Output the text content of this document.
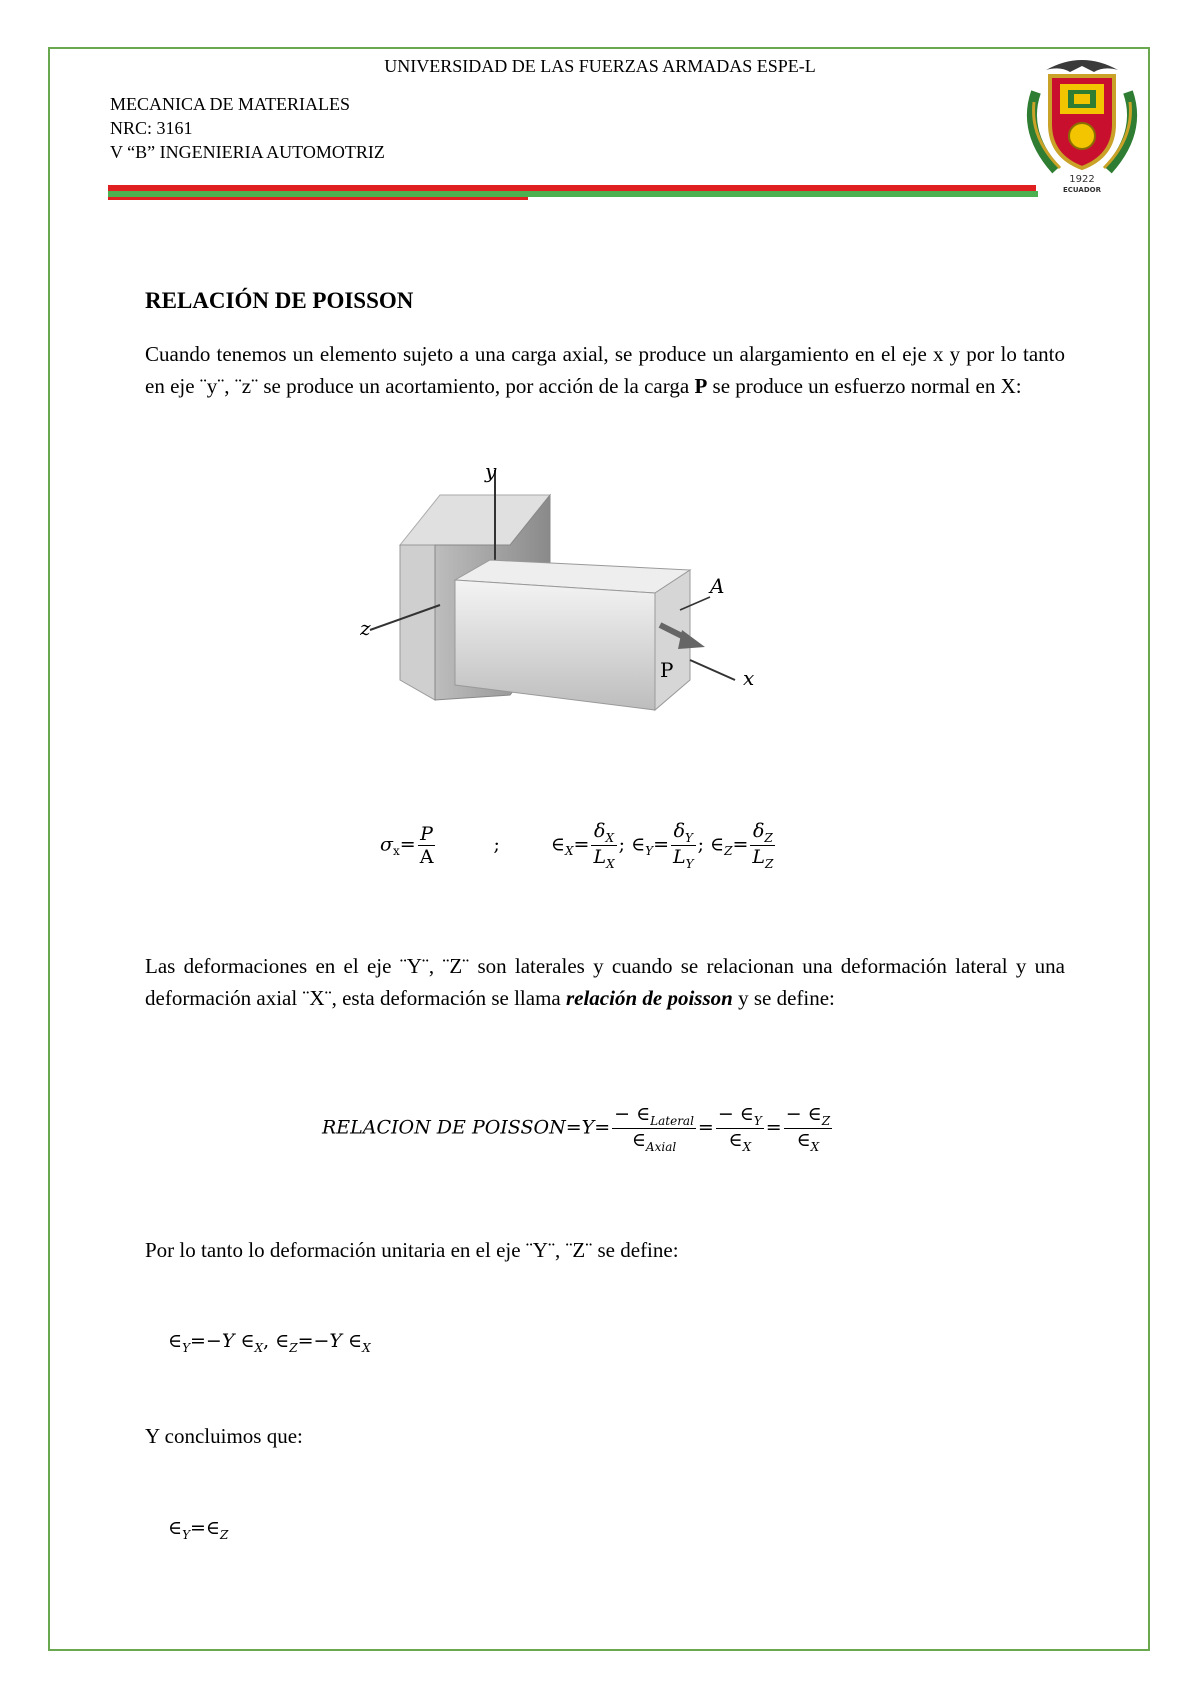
UNIVERSIDAD DE LAS FUERZAS ARMADAS ESPE-L
MECANICA DE MATERIALES
NRC: 3161
V “B” INGENIERIA AUTOMOTRIZ
1922
ECUADOR
RELACIÓN DE POISSON
Cuando tenemos un elemento sujeto a una carga axial, se produce un alargamiento en el eje x y por lo tanto en eje ¨y¨, ¨z¨ se produce un acortamiento, por acción de la carga P se produce un esfuerzo normal en X:
y
z
A
P	x
$\sigma_x= \frac{P}{A}$	;	$\in_X= \frac{\delta_X}{L_X}$ ; $\in_Y= \frac{\delta_Y}{L_Y}$ ; $\in_Z= \frac{\delta_Z}{L_Z}$
Las deformaciones en el eje ¨Y¨, ¨Z¨ son laterales y cuando se relacionan una deformación lateral y una deformación axial ¨X¨, esta deformación se llama relación de poisson y se define:
RELACION DE POISSON=Y= $\frac{- \in_{Lateral}}{\in_{Axial}} = \frac{- \in_Y}{\in_X} = \frac{- \in_Z}{\in_X}$
Por lo tanto lo deformación unitaria en el eje ¨Y¨, ¨Z¨ se define:
$\in_Y=-Y$ $\in_X$, $\in_Z=-Y$ $\in_X$
Y concluimos que:
$\in_Y=\in_Z$
